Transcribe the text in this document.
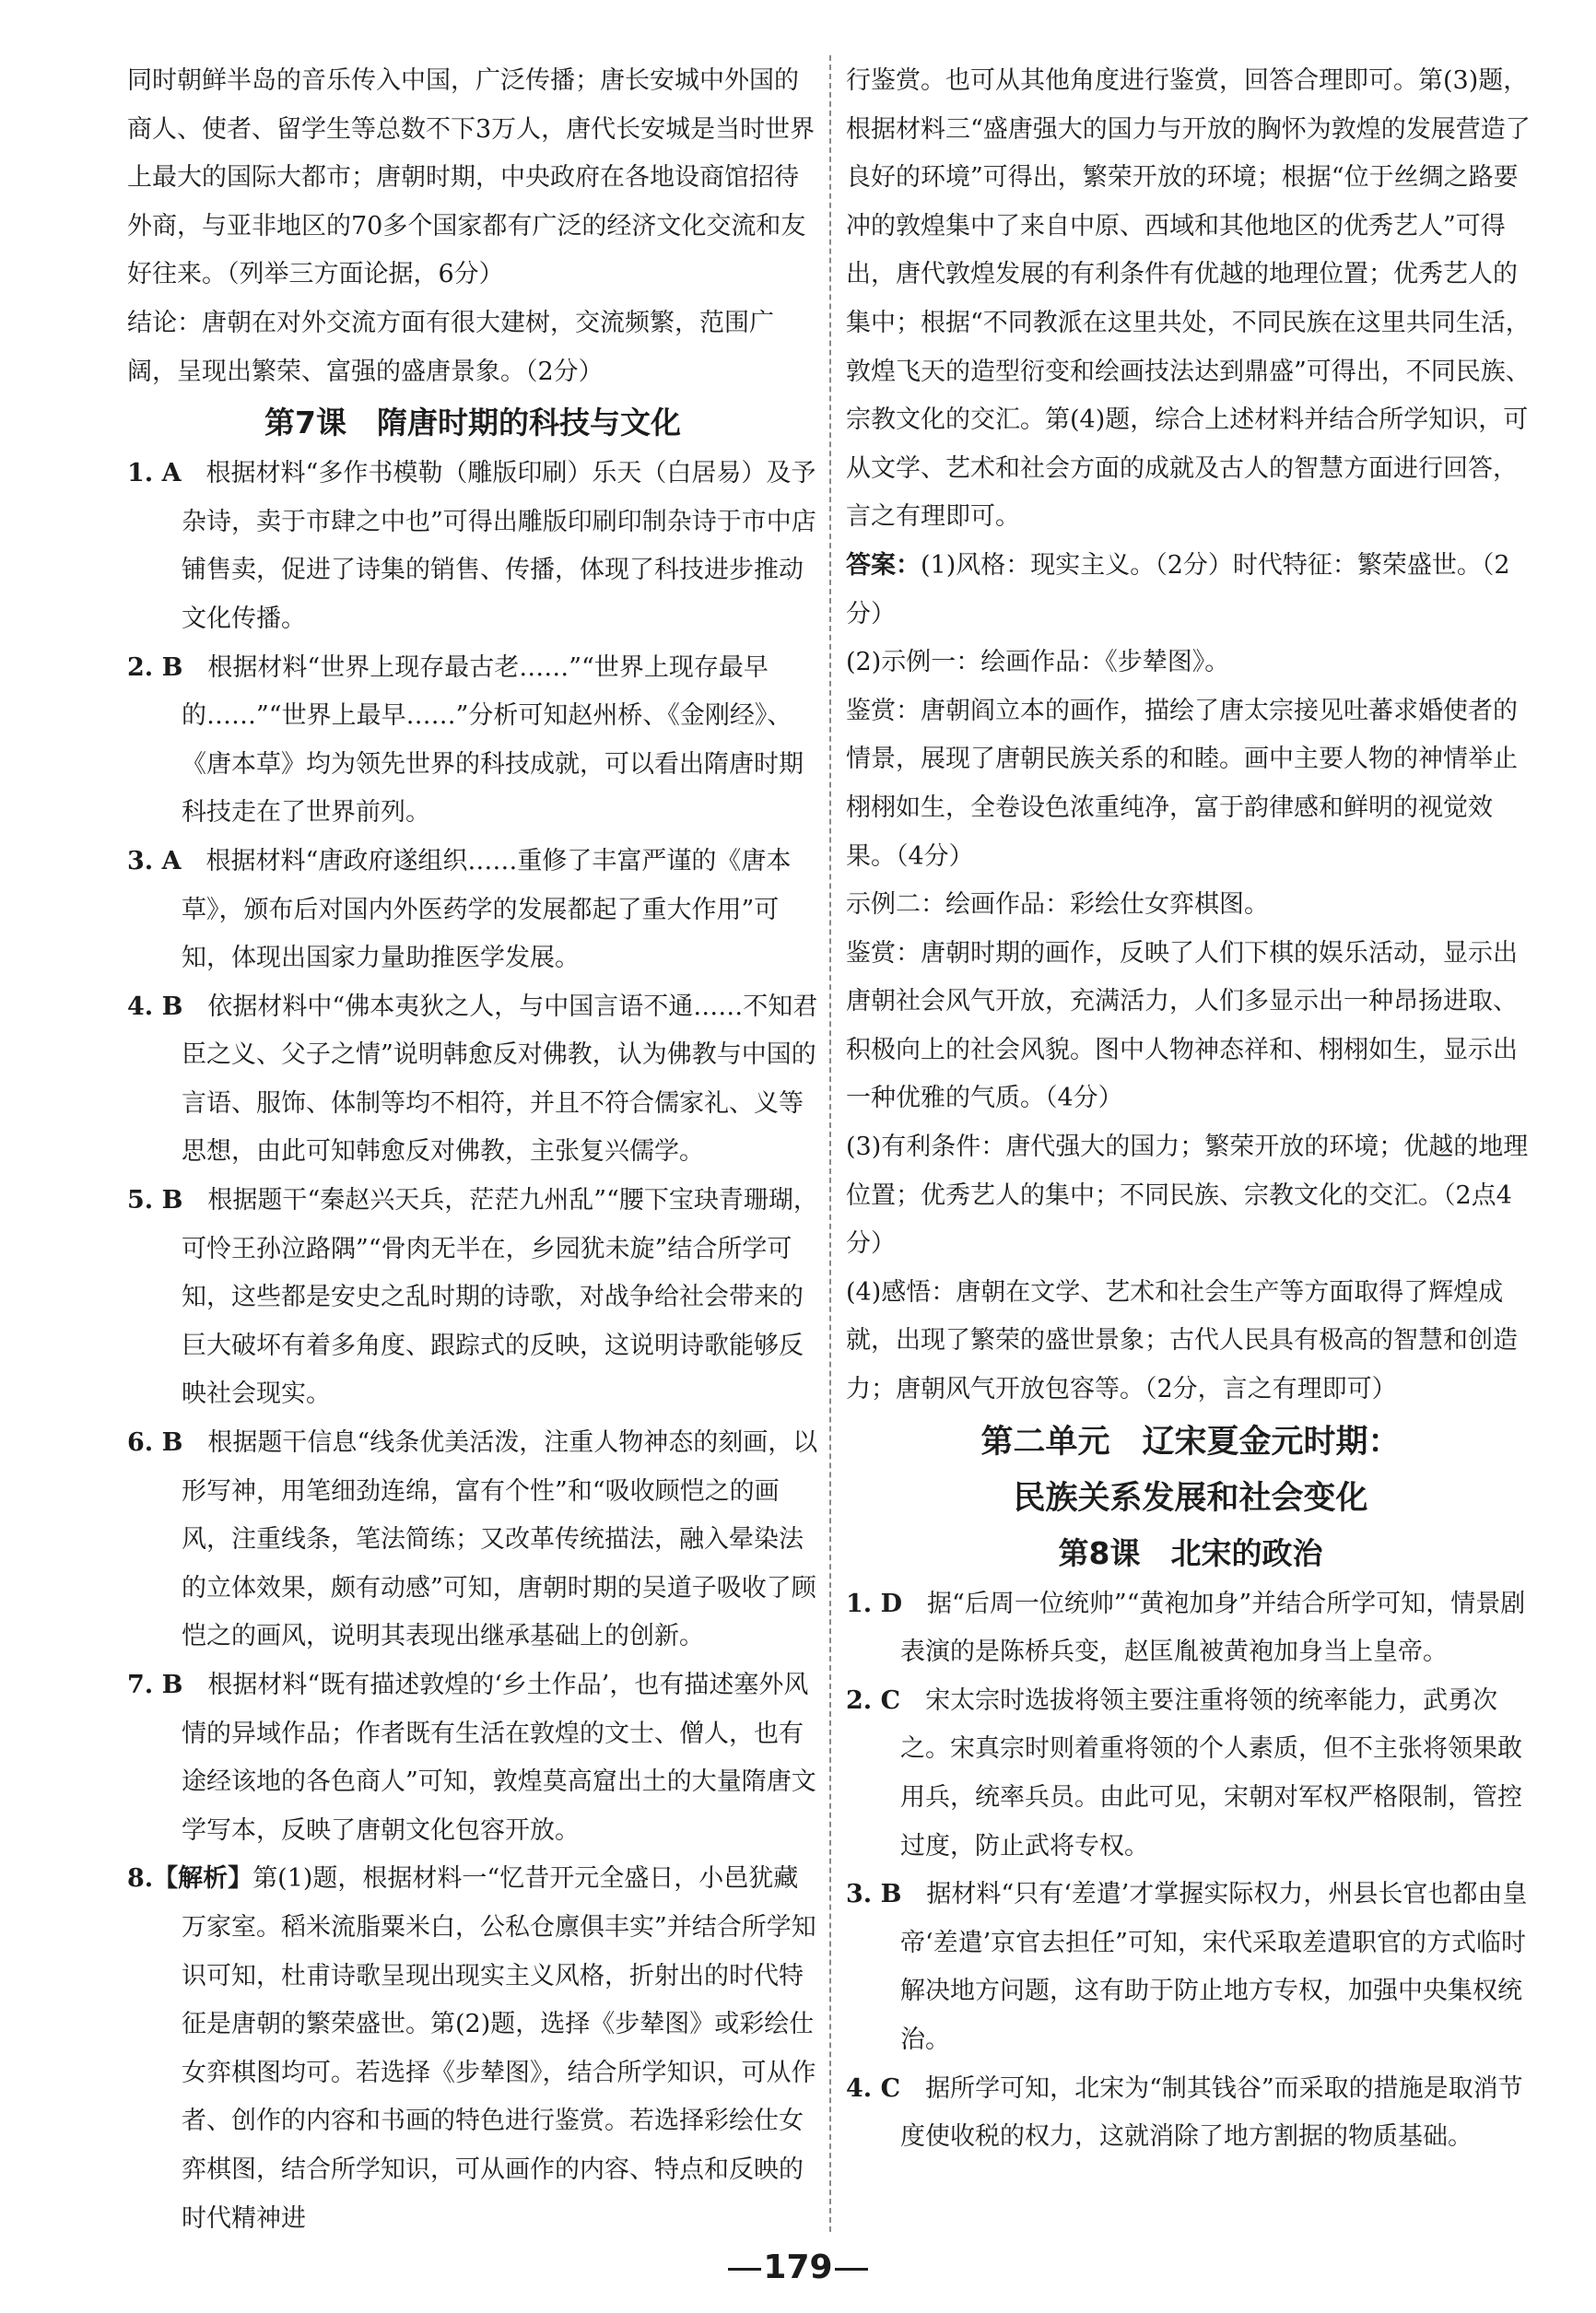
同时朝鲜半岛的音乐传入中国，广泛传播；唐长安城中外国的商人、使者、留学生等总数不下3万人，唐代长安城是当时世界上最大的国际大都市；唐朝时期，中央政府在各地设商馆招待外商，与亚非地区的70多个国家都有广泛的经济文化交流和友好往来。（列举三方面论据，6分）

结论：唐朝在对外交流方面有很大建树，交流频繁，范围广阔，呈现出繁荣、富强的盛唐景象。（2分）

第7课　隋唐时期的科技与文化

1. A　 根据材料“多作书模勒（雕版印刷）乐天（白居易）及予杂诗，卖于市肆之中也”可得出雕版印刷印制杂诗于市中店铺售卖，促进了诗集的销售、传播，体现了科技进步推动文化传播。

2. B　 根据材料“世界上现存最古老……”“世界上现存最早的……”“世界上最早……”分析可知赵州桥、《金刚经》、《唐本草》均为领先世界的科技成就，可以看出隋唐时期科技走在了世界前列。

3. A　 根据材料“唐政府遂组织……重修了丰富严谨的《唐本草》，颁布后对国内外医药学的发展都起了重大作用”可知，体现出国家力量助推医学发展。

4. B　 依据材料中“佛本夷狄之人，与中国言语不通……不知君臣之义、父子之情”说明韩愈反对佛教，认为佛教与中国的言语、服饰、体制等均不相符，并且不符合儒家礼、义等思想，由此可知韩愈反对佛教，主张复兴儒学。

5. B　 根据题干“秦赵兴天兵，茫茫九州乱”“腰下宝玦青珊瑚，可怜王孙泣路隅”“骨肉无半在，乡园犹未旋”结合所学可知，这些都是安史之乱时期的诗歌，对战争给社会带来的巨大破坏有着多角度、跟踪式的反映，这说明诗歌能够反映社会现实。

6. B　 根据题干信息“线条优美活泼，注重人物神态的刻画，以形写神，用笔细劲连绵，富有个性”和“吸收顾恺之的画风，注重线条，笔法简练；又改革传统描法，融入晕染法的立体效果，颇有动感”可知，唐朝时期的吴道子吸收了顾恺之的画风，说明其表现出继承基础上的创新。

7. B　 根据材料“既有描述敦煌的‘乡土作品’，也有描述塞外风情的异域作品；作者既有生活在敦煌的文士、僧人，也有途经该地的各色商人”可知，敦煌莫高窟出土的大量隋唐文学写本，反映了唐朝文化包容开放。

8.【解析】第(1)题，根据材料一“忆昔开元全盛日，小邑犹藏万家室。稻米流脂粟米白，公私仓廪俱丰实”并结合所学知识可知，杜甫诗歌呈现出现实主义风格，折射出的时代特征是唐朝的繁荣盛世。第(2)题，选择《步辇图》或彩绘仕女弈棋图均可。若选择《步辇图》，结合所学知识，可从作者、创作的内容和书画的特色进行鉴赏。若选择彩绘仕女弈棋图，结合所学知识，可从画作的内容、特点和反映的时代精神进

行鉴赏。也可从其他角度进行鉴赏，回答合理即可。第(3)题，根据材料三“盛唐强大的国力与开放的胸怀为敦煌的发展营造了良好的环境”可得出，繁荣开放的环境；根据“位于丝绸之路要冲的敦煌集中了来自中原、西域和其他地区的优秀艺人”可得出，唐代敦煌发展的有利条件有优越的地理位置；优秀艺人的集中；根据“不同教派在这里共处，不同民族在这里共同生活，敦煌飞天的造型衍变和绘画技法达到鼎盛”可得出，不同民族、宗教文化的交汇。第(4)题，综合上述材料并结合所学知识，可从文学、艺术和社会方面的成就及古人的智慧方面进行回答，言之有理即可。

答案：(1)风格：现实主义。（2分）时代特征：繁荣盛世。（2分）

(2)示例一：绘画作品：《步辇图》。

鉴赏：唐朝阎立本的画作，描绘了唐太宗接见吐蕃求婚使者的情景，展现了唐朝民族关系的和睦。画中主要人物的神情举止栩栩如生，全卷设色浓重纯净，富于韵律感和鲜明的视觉效果。（4分）

示例二：绘画作品：彩绘仕女弈棋图。

鉴赏：唐朝时期的画作，反映了人们下棋的娱乐活动，显示出唐朝社会风气开放，充满活力，人们多显示出一种昂扬进取、积极向上的社会风貌。图中人物神态祥和、栩栩如生，显示出一种优雅的气质。（4分）

(3)有利条件：唐代强大的国力；繁荣开放的环境；优越的地理位置；优秀艺人的集中；不同民族、宗教文化的交汇。（2点4分）

(4)感悟：唐朝在文学、艺术和社会生产等方面取得了辉煌成就，出现了繁荣的盛世景象；古代人民具有极高的智慧和创造力；唐朝风气开放包容等。（2分，言之有理即可）

第二单元　辽宋夏金元时期：
民族关系发展和社会变化
第8课　北宋的政治

1. D　 据“后周一位统帅”“黄袍加身”并结合所学可知，情景剧表演的是陈桥兵变，赵匡胤被黄袍加身当上皇帝。

2. C　 宋太宗时选拔将领主要注重将领的统率能力，武勇次之。宋真宗时则着重将领的个人素质，但不主张将领果敢用兵，统率兵员。由此可见，宋朝对军权严格限制，管控过度，防止武将专权。

3. B　 据材料“只有‘差遣’才掌握实际权力，州县长官也都由皇帝‘差遣’京官去担任”可知，宋代采取差遣职官的方式临时解决地方问题，这有助于防止地方专权，加强中央集权统治。

4. C　 据所学可知，北宋为“制其钱谷”而采取的措施是取消节度使收税的权力，这就消除了地方割据的物质基础。

179
